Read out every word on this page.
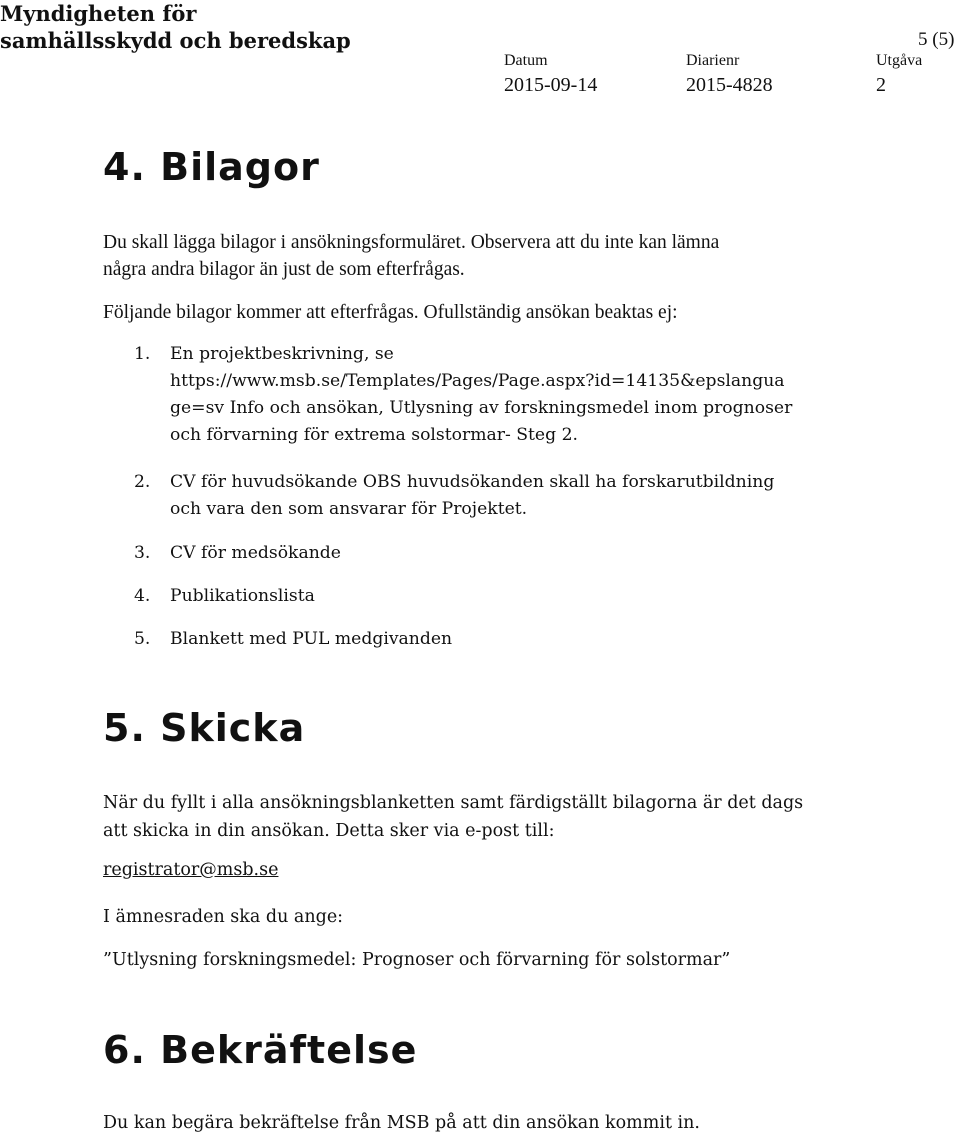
Myndigheten för
samhällsskydd och beredskap	5 (5)
Datum
2015-09-14
Diarienr
2015-4828
Utgåva
2
4. Bilagor
Du skall lägga bilagor i ansökningsformuläret. Observera att du inte kan lämna
några andra bilagor än just de som efterfrågas.
Följande bilagor kommer att efterfrågas. Ofullständig ansökan beaktas ej:
1. En projektbeskrivning, se
https://www.msb.se/Templates/Pages/Page.aspx?id=14135&epslangua
ge=sv Info och ansökan, Utlysning av forskningsmedel inom prognoser
och förvarning för extrema solstormar- Steg 2.
2. CV för huvudsökande OBS huvudsökanden skall ha forskarutbildning
och vara den som ansvarar för Projektet.
3. CV för medsökande
4. Publikationslista
5. Blankett med PUL medgivanden
5. Skicka
När du fyllt i alla ansökningsblanketten samt färdigställt bilagorna är det dags
att skicka in din ansökan. Detta sker via e-post till:
registrator@msb.se
I ämnesraden ska du ange:
”Utlysning forskningsmedel: Prognoser och förvarning för solstormar”
6. Bekräftelse
Du kan begära bekräftelse från MSB på att din ansökan kommit in.
